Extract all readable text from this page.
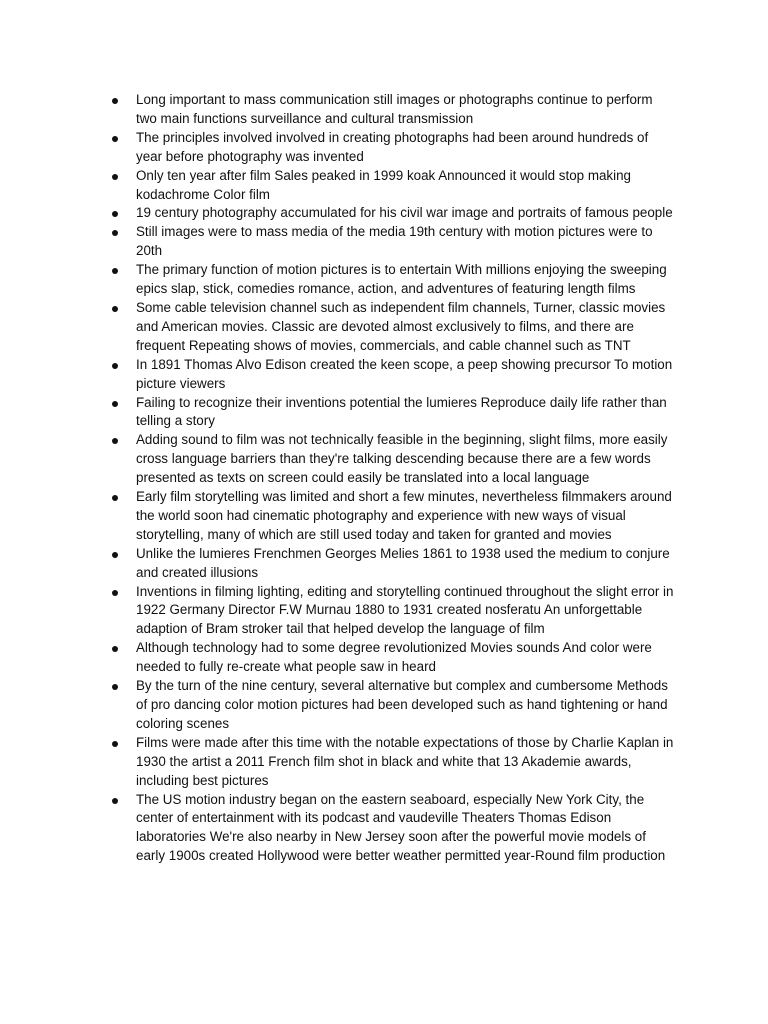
Long important to mass communication still images or photographs continue to perform two main functions surveillance and cultural transmission
The principles involved involved in creating photographs had been around hundreds of year before photography was invented
Only ten year after film Sales peaked in 1999 koak Announced it would stop making kodachrome Color film
19 century photography accumulated for his civil war image and portraits of famous people
Still images were to mass media of the media 19th century with motion pictures were to 20th
The primary function of motion pictures is to entertain With millions enjoying the sweeping epics slap, stick, comedies romance, action, and adventures of featuring length films
Some cable television channel such as independent film channels, Turner, classic movies and American movies. Classic are devoted almost exclusively to films, and there are frequent Repeating shows of movies, commercials, and cable channel such as TNT
In 1891 Thomas Alvo Edison created the keen scope, a peep showing precursor To motion picture viewers
Failing to recognize their inventions potential the lumieres Reproduce daily life rather than telling a story
Adding sound to film was not technically feasible in the beginning, slight films, more easily cross language barriers than they're talking descending because there are a few words presented as texts on screen could easily be translated into a local language
Early film storytelling was limited and short a few minutes, nevertheless filmmakers around the world soon had cinematic photography and experience with new ways of visual storytelling, many of which are still used today and taken for granted and movies
Unlike the lumieres Frenchmen Georges Melies 1861 to 1938 used the medium to conjure and created illusions
Inventions in filming lighting, editing and storytelling continued throughout the slight error in 1922 Germany Director F.W Murnau 1880 to 1931 created nosferatu An unforgettable adaption of Bram stroker tail that helped develop the language of film
Although technology had to some degree revolutionized Movies sounds And color were needed to fully re-create what people saw in heard
By the turn of the nine century, several alternative but complex and cumbersome Methods of pro dancing color motion pictures had been developed such as hand tightening or hand coloring scenes
Films were made after this time with the notable expectations of those by Charlie Kaplan in 1930 the artist a 2011 French film shot in black and white that 13 Akademie awards, including best pictures
The US motion industry began on the eastern seaboard, especially New York City, the center of entertainment with its podcast and vaudeville Theaters Thomas Edison laboratories We're also nearby in New Jersey soon after the powerful movie models of early 1900s created Hollywood were better weather permitted year-Round film production
